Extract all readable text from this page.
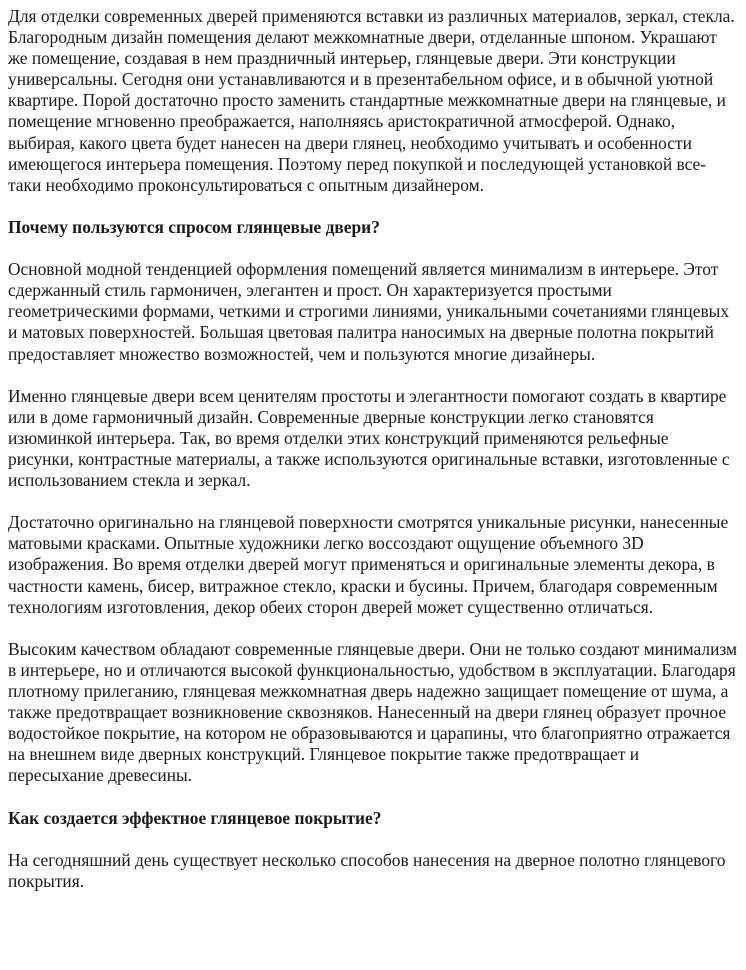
Для отделки современных дверей применяются вставки из различных материалов, зеркал, стекла. Благородным дизайн помещения делают межкомнатные двери, отделанные шпоном. Украшают же помещение, создавая в нем праздничный интерьер, глянцевые двери. Эти конструкции универсальны. Сегодня они устанавливаются и в презентабельном офисе, и в обычной уютной квартире. Порой достаточно просто заменить стандартные межкомнатные двери на глянцевые, и помещение мгновенно преображается, наполняясь аристократичной атмосферой. Однако, выбирая, какого цвета будет нанесен на двери глянец, необходимо учитывать и особенности имеющегося интерьера помещения. Поэтому перед покупкой и последующей установкой все-таки необходимо проконсультироваться с опытным дизайнером.

Почему пользуются спросом глянцевые двери?

Основной модной тенденцией оформления помещений является минимализм в интерьере. Этот сдержанный стиль гармоничен, элегантен и прост. Он характеризуется простыми геометрическими формами, четкими и строгими линиями, уникальными сочетаниями глянцевых и матовых поверхностей. Большая цветовая палитра наносимых на дверные полотна покрытий предоставляет множество возможностей, чем и пользуются многие дизайнеры.

Именно глянцевые двери всем ценителям простоты и элегантности помогают создать в квартире или в доме гармоничный дизайн. Современные дверные конструкции легко становятся изюминкой интерьера. Так, во время отделки этих конструкций применяются рельефные рисунки, контрастные материалы, а также используются оригинальные вставки, изготовленные с использованием стекла и зеркал.

Достаточно оригинально на глянцевой поверхности смотрятся уникальные рисунки, нанесенные матовыми красками. Опытные художники легко воссоздают ощущение объемного 3D изображения. Во время отделки дверей могут применяться и оригинальные элементы декора, в частности камень, бисер, витражное стекло, краски и бусины. Причем, благодаря современным технологиям изготовления, декор обеих сторон дверей может существенно отличаться.

Высоким качеством обладают современные глянцевые двери. Они не только создают минимализм в интерьере, но и отличаются высокой функциональностью, удобством в эксплуатации. Благодаря плотному прилеганию, глянцевая межкомнатная дверь надежно защищает помещение от шума, а также предотвращает возникновение сквозняков. Нанесенный на двери глянец образует прочное водостойкое покрытие, на котором не образовываются и царапины, что благоприятно отражается на внешнем виде дверных конструкций. Глянцевое покрытие также предотвращает и пересыхание древесины.

Как создается эффектное глянцевое покрытие?

На сегодняшний день существует несколько способов нанесения на дверное полотно глянцевого покрытия.
